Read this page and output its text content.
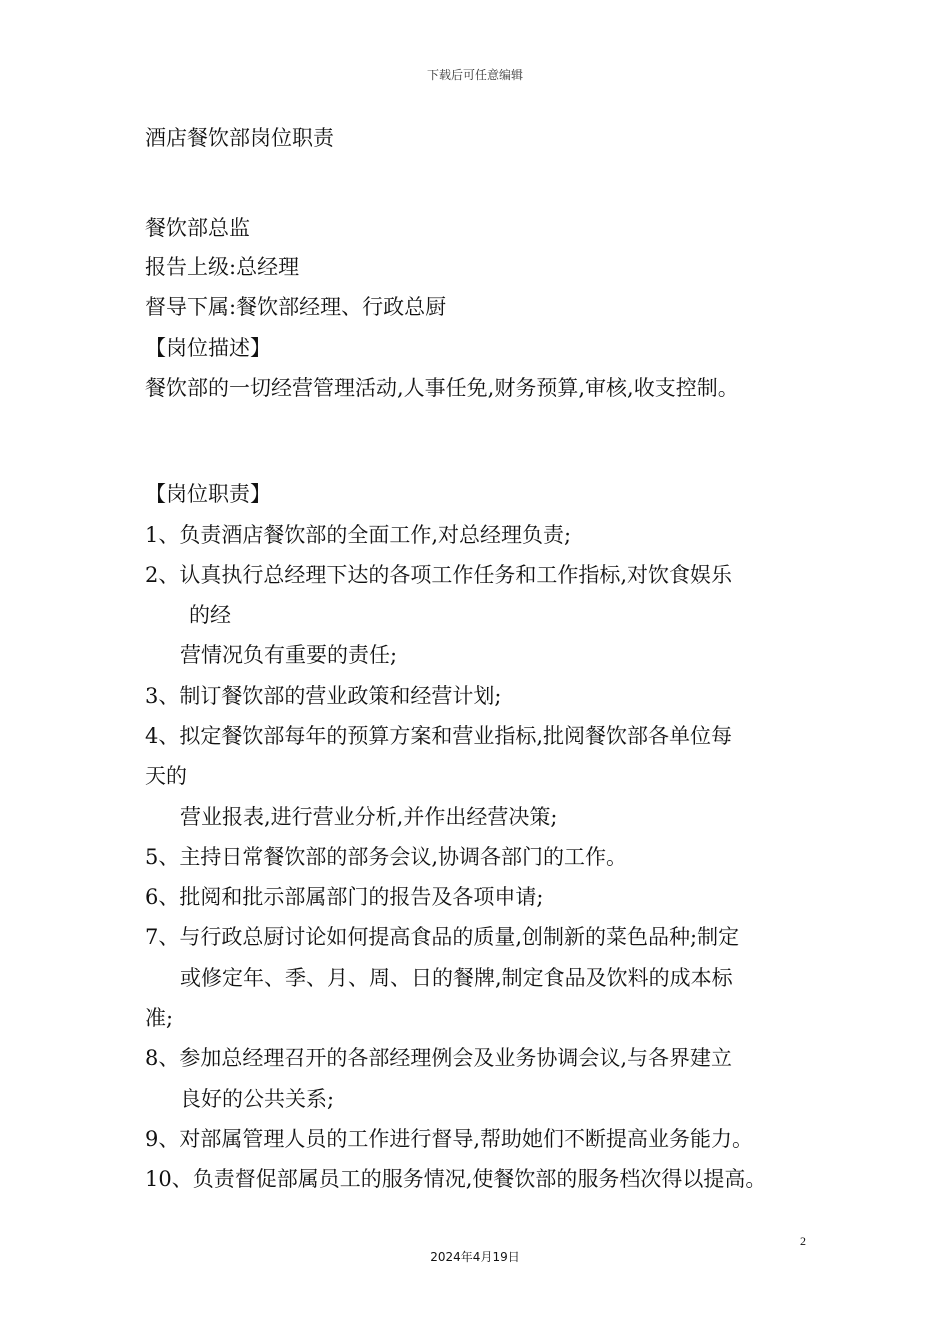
下载后可任意编辑
酒店餐饮部岗位职责
餐饮部总监
报告上级:总经理
督导下属:餐饮部经理、行政总厨
【岗位描述】
餐饮部的一切经营管理活动,人事任免,财务预算,审核,收支控制。
【岗位职责】
1、负责酒店餐饮部的全面工作,对总经理负责;
2、认真执行总经理下达的各项工作任务和工作指标,对饮食娱乐
的经
营情况负有重要的责任;
3、制订餐饮部的营业政策和经营计划;
4、拟定餐饮部每年的预算方案和营业指标,批阅餐饮部各单位每
天的
营业报表,进行营业分析,并作出经营决策;
5、主持日常餐饮部的部务会议,协调各部门的工作。
6、批阅和批示部属部门的报告及各项申请;
7、与行政总厨讨论如何提高食品的质量,创制新的菜色品种;制定
或修定年、季、月、周、日的餐牌,制定食品及饮料的成本标
准;
8、参加总经理召开的各部经理例会及业务协调会议,与各界建立
良好的公共关系;
9、对部属管理人员的工作进行督导,帮助她们不断提高业务能力。
10、负责督促部属员工的服务情况,使餐饮部的服务档次得以提高。
2
2024年4月19日
